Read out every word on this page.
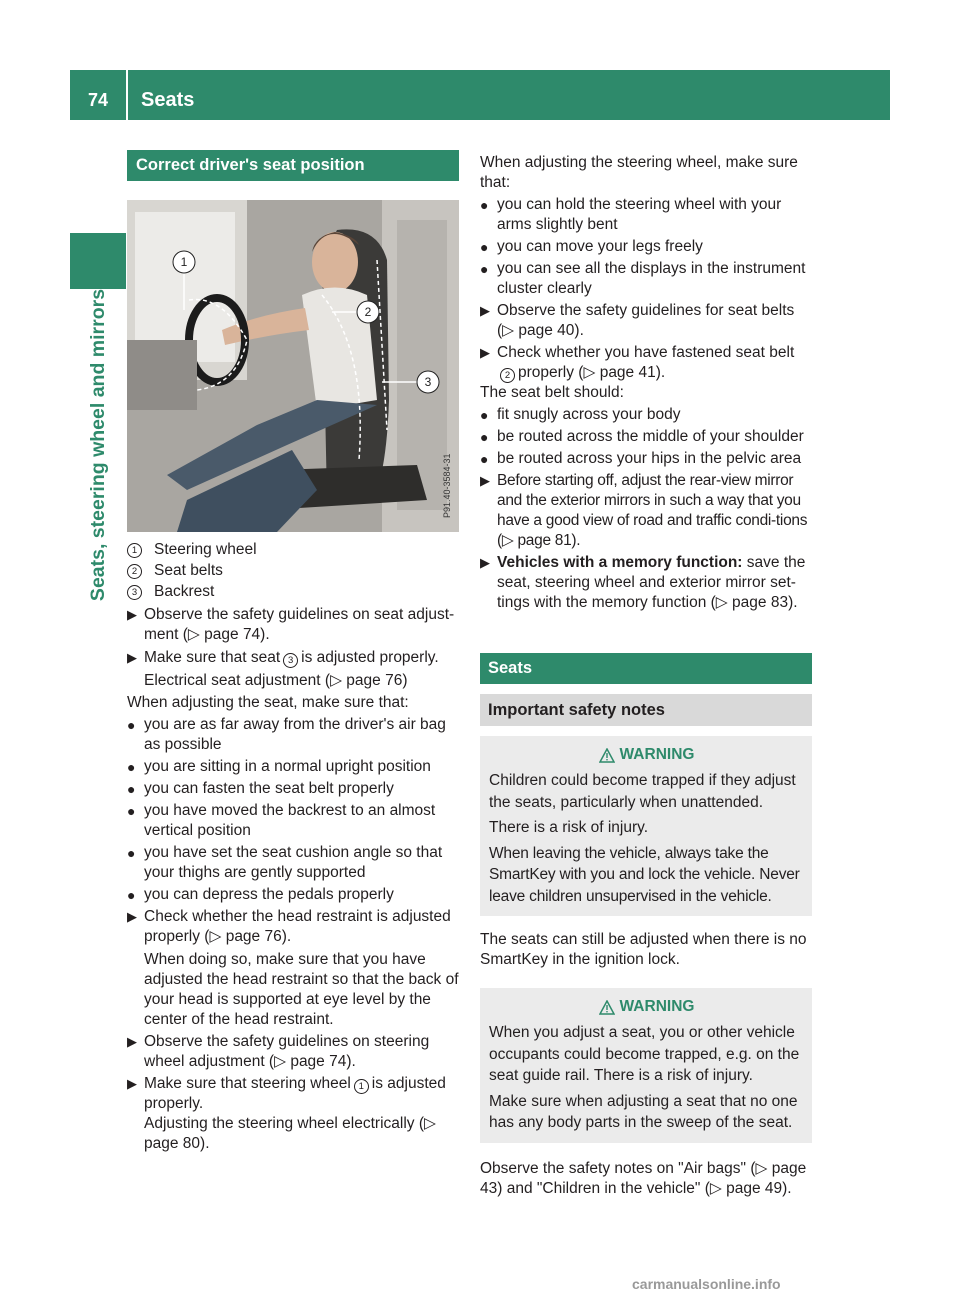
74	Seats
Seats, steering wheel and mirrors
Correct driver's seat position
1
2
3
P91.40-3584-31
1	Steering wheel
2	Seat belts
3	Backrest
▶ Observe the safety guidelines on seat adjust-ment (▷ page 74).
▶ Make sure that seat 3 is adjusted properly.

Electrical seat adjustment (▷ page 76)

When adjusting the seat, make sure that:

● you are as far away from the driver's air bag as possible
● you are sitting in a normal upright position
● you can fasten the seat belt properly
● you have moved the backrest to an almost vertical position
● you have set the seat cushion angle so that your thighs are gently supported
● you can depress the pedals properly
▶ Check whether the head restraint is adjusted properly (▷ page 76).

When doing so, make sure that you have adjusted the head restraint so that the back of your head is supported at eye level by the center of the head restraint.

▶ Observe the safety guidelines on steering wheel adjustment (▷ page 74).
▶ Make sure that steering wheel 1 is adjusted properly.

Adjusting the steering wheel electrically (▷ page 80).

When adjusting the steering wheel, make sure that:

● you can hold the steering wheel with your arms slightly bent
● you can move your legs freely
● you can see all the displays in the instrument cluster clearly
▶ Observe the safety guidelines for seat belts (▷ page 40).
▶ Check whether you have fastened seat belt2 properly (▷ page 41).

The seat belt should:

● fit snugly across your body
● be routed across the middle of your shoulder
● be routed across your hips in the pelvic area
▶ Before starting off, adjust the rear-view mirror and the exterior mirrors in such a way that you have a good view of road and traffic condi-tions (▷ page 81).
▶ Vehicles with a memory function: save the seat, steering wheel and exterior mirror set-tings with the memory function (▷ page 83).
Seats
Important safety notes
WARNING

Children could become trapped if they adjust the seats, particularly when unattended.

There is a risk of injury.

When leaving the vehicle, always take the SmartKey with you and lock the vehicle. Never leave children unsupervised in the vehicle.

The seats can still be adjusted when there is no SmartKey in the ignition lock.

WARNING

When you adjust a seat, you or other vehicle occupants could become trapped, e.g. on the seat guide rail. There is a risk of injury.

Make sure when adjusting a seat that no one has any body parts in the sweep of the seat.

Observe the safety notes on "Air bags" (▷ page 43) and "Children in the vehicle" (▷ page 49).

carmanualsonline.info
